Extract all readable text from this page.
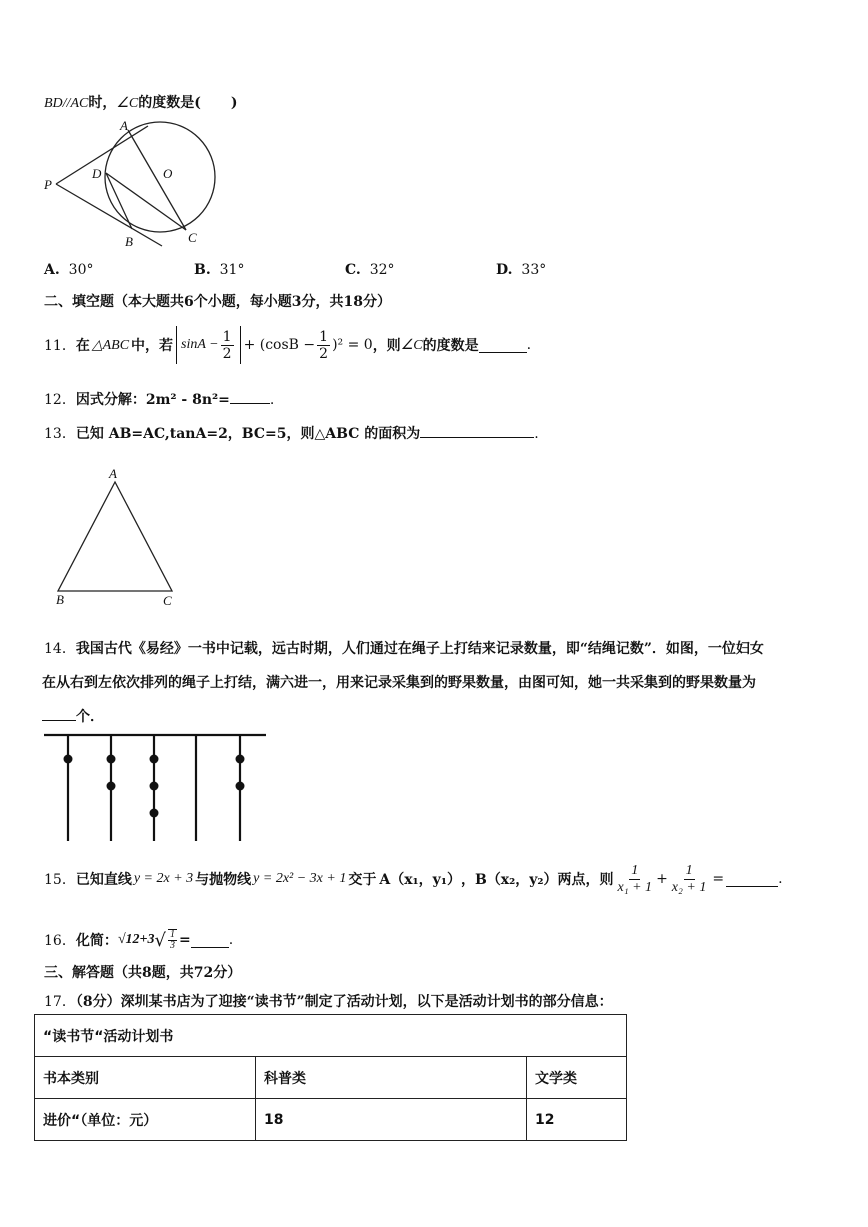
BD//AC时，∠C的度数是( )
A
O
D
P
B	C
A. 30°	B. 31°	C. 32°	D. 33°
二、填空题（本大题共6个小题，每小题3分，共18分）
11． 在 △ABC 中，若 $\sin A - \frac{1}{2} + (\cos B - \frac{1}{2} )^2 = 0$ ，则 ∠C 的度数是	.
12．因式分解：2m² - 8n²=	.
13．已知 AB=AC,tanA=2，BC=5，则△ABC 的面积为	.
A
B	C
14．我国古代《易经》一书中记载，远古时期，人们通过在绳子上打结来记录数量，即“结绳记数”．如图，一位妇女
在从右到左依次排列的绳子上打结，满六进一，用来记录采集到的野果数量，由图可知，她一共采集到的野果数量为
个．
15． 已知直线 y = 2x + 3 与抛物线 y = 2x² − 3x + 1 交于 A（x₁，y₁） ， B（x₂，y₂） 两点，则 $\frac{1}{\text{x₁ + 1}} + \frac{1}{\text{x₂ + 1}}$ =	.
16． 化简： √12+3 √ $\frac{1}{3}$ =	.
三、解答题（共8题，共72分）
17．（8分）深圳某书店为了迎接“读书节”制定了活动计划，以下是活动计划书的部分信息：
“读书节“活动计划书		
书本类别	科普类	文学类
进价“（单位：元）	18	12
